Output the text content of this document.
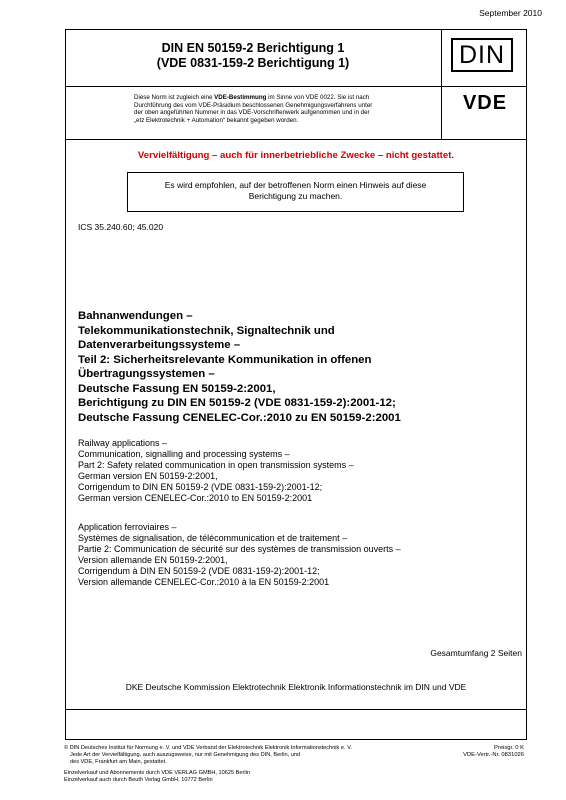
September 2010
DIN EN 50159-2 Berichtigung 1
(VDE 0831-159-2 Berichtigung 1)	DIN
Diese Norm ist zugleich eine VDE-Bestimmung im Sinne von VDE 0022. Sie ist nach
Durchführung des vom VDE-Präsidium beschlossenen Genehmigungsverfahrens unter
der oben angeführten Nummer in das VDE-Vorschriftenwerk aufgenommen und in der
„etz Elektrotechnik + Automation“ bekannt gegeben worden.
VDE
Vervielfältigung – auch für innerbetriebliche Zwecke – nicht gestattet.
Es wird empfohlen, auf der betroffenen Norm einen Hinweis auf diese
Berichtigung zu machen.
ICS 35.240.60; 45.020
Bahnanwendungen –
Telekommunikationstechnik, Signaltechnik und
Datenverarbeitungssysteme –
Teil 2: Sicherheitsrelevante Kommunikation in offenen
Übertragungssystemen –
Deutsche Fassung EN 50159-2:2001,
Berichtigung zu DIN EN 50159-2 (VDE 0831-159-2):2001-12;
Deutsche Fassung CENELEC-Cor.:2010 zu EN 50159-2:2001
Railway applications –
Communication, signalling and processing systems –
Part 2: Safety related communication in open transmission systems –
German version EN 50159-2:2001,
Corrigendum to DIN EN 50159-2 (VDE 0831-159-2):2001-12;
German version CENELEC-Cor.:2010 to EN 50159-2:2001
Application ferroviaires –
Systèmes de signalisation, de télécommunication et de traitement –
Partie 2: Communication de sécurité sur des systèmes de transmission ouverts –
Version allemande EN 50159-2:2001,
Corrigendum à DIN EN 50159-2 (VDE 0831-159-2):2001-12;
Version allemande CENELEC-Cor.:2010 à la EN 50159-2:2001
Gesamtumfang 2 Seiten
DKE Deutsche Kommission Elektrotechnik Elektronik Informationstechnik im DIN und VDE
© DIN Deutsches Institut für Normung e. V. und VDE Verband der Elektrotechnik Elektronik Informationstechnik e. V.
Jede Art der Vervielfältigung, auch auszugsweise, nur mit Genehmigung des DIN, Berlin, und
des VDE, Frankfurt am Main, gestattet.
Einzelverkauf und Abonnements durch VDE VERLAG GMBH, 10625 Berlin
Einzelverkauf auch durch Beuth Verlag GmbH, 10772 Berlin
Preisgr. 0 K
VDE-Vertr.-Nr. 0831026
